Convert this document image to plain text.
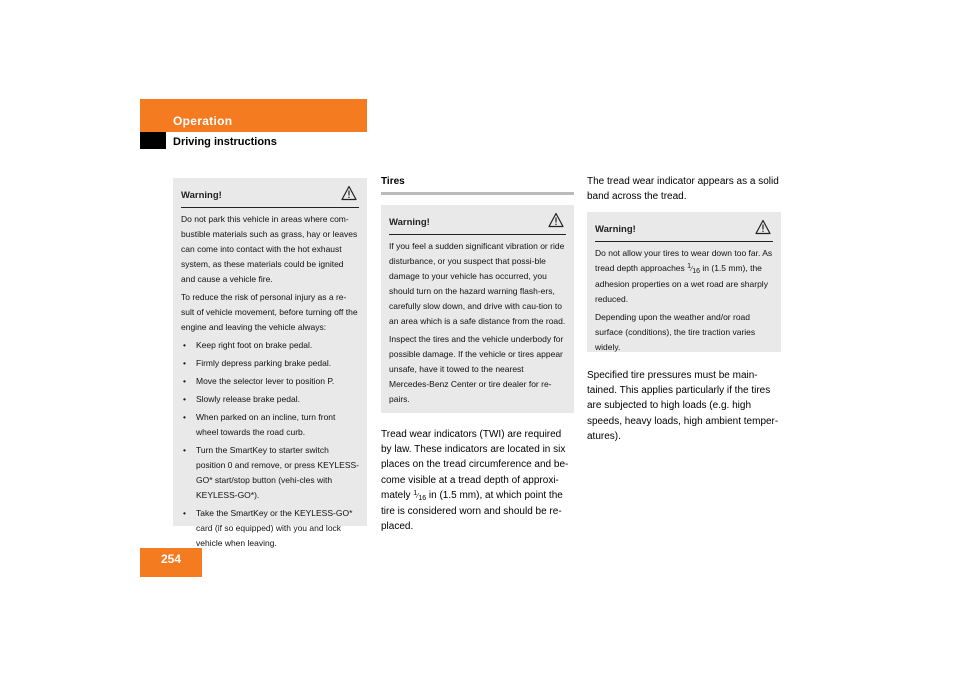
Operation
Driving instructions
Warning!

Do not park this vehicle in areas where com-bustible materials such as grass, hay or leaves can come into contact with the hot exhaust system, as these materials could be ignited and cause a vehicle fire.

To reduce the risk of personal injury as a re-sult of vehicle movement, before turning off the engine and leaving the vehicle always:

• Keep right foot on brake pedal.
• Firmly depress parking brake pedal.
• Move the selector lever to position P.
• Slowly release brake pedal.
• When parked on an incline, turn front wheel towards the road curb.
• Turn the SmartKey to starter switch position 0 and remove, or press KEYLESS-GO* start/stop button (vehi-cles with KEYLESS-GO*).
• Take the SmartKey or the KEYLESS-GO* card (if so equipped) with you and lock vehicle when leaving.
Tires
Warning!

If you feel a sudden significant vibration or ride disturbance, or you suspect that possi-ble damage to your vehicle has occurred, you should turn on the hazard warning flash-ers, carefully slow down, and drive with cau-tion to an area which is a safe distance from the road.

Inspect the tires and the vehicle underbody for possible damage. If the vehicle or tires appear unsafe, have it towed to the nearest Mercedes-Benz Center or tire dealer for re-pairs.

Tread wear indicators (TWI) are required by law. These indicators are located in six places on the tread circumference and be-come visible at a tread depth of approxi-mately 1⁄16 in (1.5 mm), at which point the tire is considered worn and should be re-placed.
The tread wear indicator appears as a solid band across the tread.
Warning!

Do not allow your tires to wear down too far. As tread depth approaches 1⁄16 in (1.5 mm), the adhesion properties on a wet road are sharply reduced.

Depending upon the weather and/or road surface (conditions), the tire traction varies widely.

Specified tire pressures must be main-tained. This applies particularly if the tires are subjected to high loads (e.g. high speeds, heavy loads, high ambient temper-atures).
254
